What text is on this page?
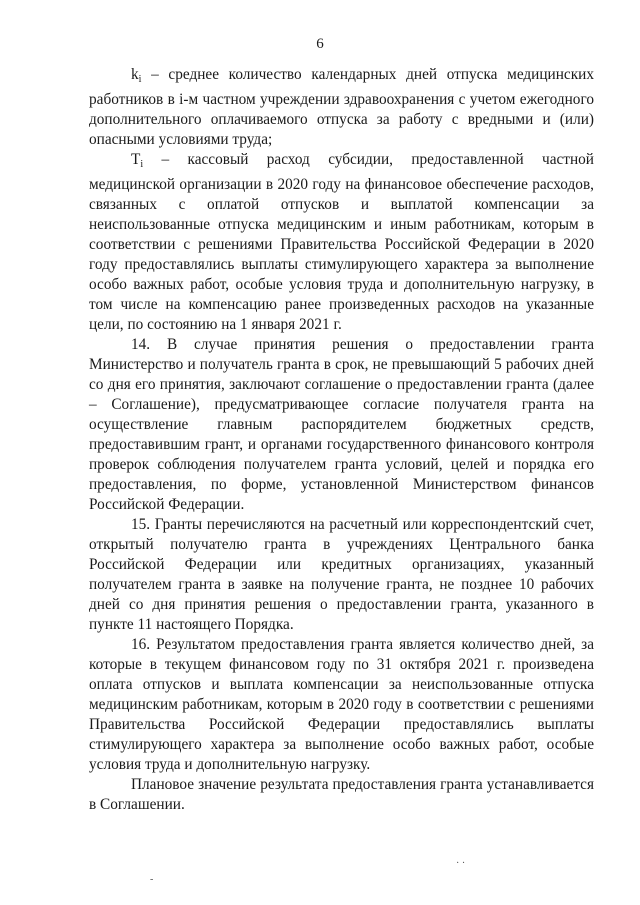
6

$k_i$ – среднее количество календарных дней отпуска медицинских работников в i-м частном учреждении здравоохранения с учетом ежегодного дополнительного оплачиваемого отпуска за работу с вредными и (или) опасными условиями труда;

$T_i$ – кассовый расход субсидии, предоставленной частной медицинской организации в 2020 году на финансовое обеспечение расходов, связанных с оплатой отпусков и выплатой компенсации за неиспользованные отпуска медицинским и иным работникам, которым в соответствии с решениями Правительства Российской Федерации в 2020 году предоставлялись выплаты стимулирующего характера за выполнение особо важных работ, особые условия труда и дополнительную нагрузку, в том числе на компенсацию ранее произведенных расходов на указанные цели, по состоянию на 1 января 2021 г.

14. В случае принятия решения о предоставлении гранта Министерство и получатель гранта в срок, не превышающий 5 рабочих дней со дня его принятия, заключают соглашение о предоставлении гранта (далее – Соглашение), предусматривающее согласие получателя гранта на осуществление главным распорядителем бюджетных средств, предоставившим грант, и органами государственного финансового контроля проверок соблюдения получателем гранта условий, целей и порядка его предоставления, по форме, установленной Министерством финансов Российской Федерации.

15. Гранты перечисляются на расчетный или корреспондентский счет, открытый получателю гранта в учреждениях Центрального банка Российской Федерации или кредитных организациях, указанный получателем гранта в заявке на получение гранта, не позднее 10 рабочих дней со дня принятия решения о предоставлении гранта, указанного в пункте 11 настоящего Порядка.

16. Результатом предоставления гранта является количество дней, за которые в текущем финансовом году по 31 октября 2021 г. произведена оплата отпусков и выплата компенсации за неиспользованные отпуска медицинским работникам, которым в 2020 году в соответствии с решениями Правительства Российской Федерации предоставлялись выплаты стимулирующего характера за выполнение особо важных работ, особые условия труда и дополнительную нагрузку.

Плановое значение результата предоставления гранта устанавливается в Соглашении.

· ·
-
